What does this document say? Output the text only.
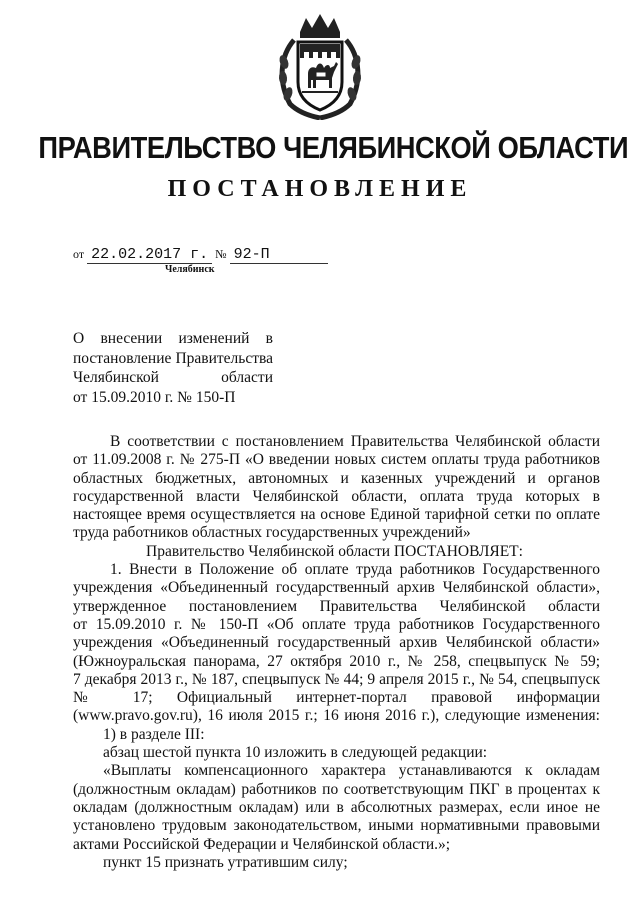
ПРАВИТЕЛЬСТВО ЧЕЛЯБИНСКОЙ ОБЛАСТИ
ПОСТАНОВЛЕНИЕ
от 22.02.2017 г. № 92-П
Челябинск
О внесении изменений в
постановление Правительства
Челябинской области
от 15.09.2010 г. № 150-П
В соответствии с постановлением Правительства Челябинской области
от 11.09.2008 г. № 275-П «О введении новых систем оплаты труда работников
областных бюджетных, автономных и казенных учреждений и органов
государственной власти Челябинской области, оплата труда которых в
настоящее время осуществляется на основе Единой тарифной сетки по оплате
труда работников областных государственных учреждений»
Правительство Челябинской области ПОСТАНОВЛЯЕТ:
1. Внести в Положение об оплате труда работников Государственного
учреждения «Объединенный государственный архив Челябинской области»,
утвержденное постановлением Правительства Челябинской области
от 15.09.2010 г. № 150-П «Об оплате труда работников Государственного
учреждения «Объединенный государственный архив Челябинской области»
(Южноуральская панорама, 27 октября 2010 г., № 258, спецвыпуск № 59;
7 декабря 2013 г., № 187, спецвыпуск № 44; 9 апреля 2015 г., № 54, спецвыпуск
№ 17; Официальный интернет-портал правовой информации
(www.pravo.gov.ru), 16 июля 2015 г.; 16 июня 2016 г.), следующие изменения:
1) в разделе III:
абзац шестой пункта 10 изложить в следующей редакции:
«Выплаты компенсационного характера устанавливаются к окладам
(должностным окладам) работников по соответствующим ПКГ в процентах к
окладам (должностным окладам) или в абсолютных размерах, если иное не
установлено трудовым законодательством, иными нормативными правовыми
актами Российской Федерации и Челябинской области.»;
пункт 15 признать утратившим силу;
